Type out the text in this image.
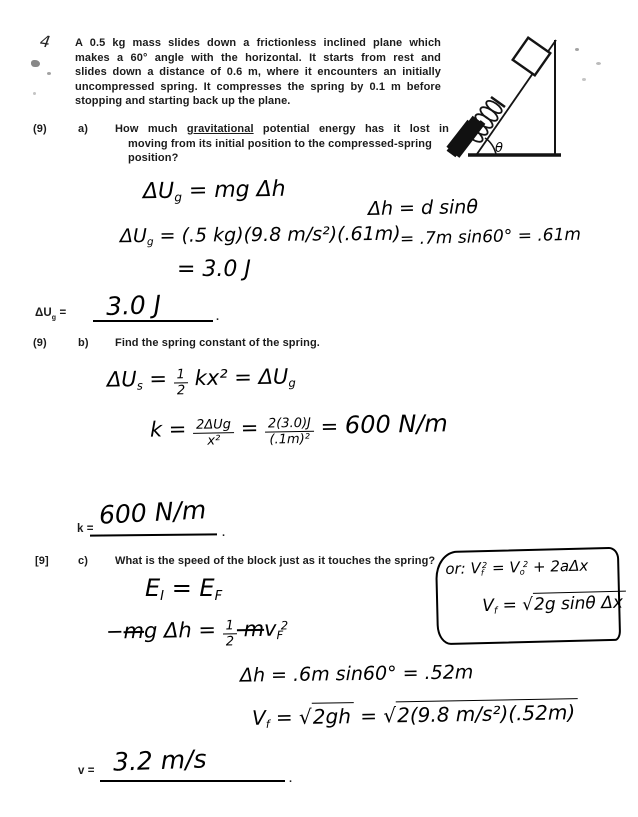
4 A 0.5 kg mass slides down a frictionless inclined plane which
makes a 60° angle with the horizontal. It starts from rest and
slides down a distance of 0.6 m, where it encounters an initially
uncompressed spring. It compresses the spring by 0.1 m before
stopping and starting back up the plane.
θ
(9)	a) How much gravitational potential energy has it lost in
moving from its initial position to the compressed-spring
position?
$\Delta U_g$ = mg Δh
Δh = d sinθ
$\Delta U_g = (.5$ kg)(9.8 m/s²)(.61m) = .7m sin60° = .61m
= 3.0 J
$\Delta U_g = 3.0$ J	.
(9)	b) Find the spring constant of the spring.
$\Delta U_s = \frac{1}{2} kx^2 = \Delta U_g$
$k = \frac{\text{2ΔUg}}{\text{x²}} = \frac{2(3.0)J}{\text{(.1m)²}} = 600$ N/m
k = 600 N/m
.
[9]	c) What is the speed of the block just as it touches the spring? or: $V_f^2 = V_o^2 + 2a\Delta x$
$V_f = √2g$ sinθ Δx
$E_I = E_F$
−mg $\Delta h = \frac{1}{2} mv_F^2$
Δh = .6m sin60° = .52m
$V_f = √2gh = √2(9.8$ m/s²)(.52m)
v = 3.2 m/s
.
